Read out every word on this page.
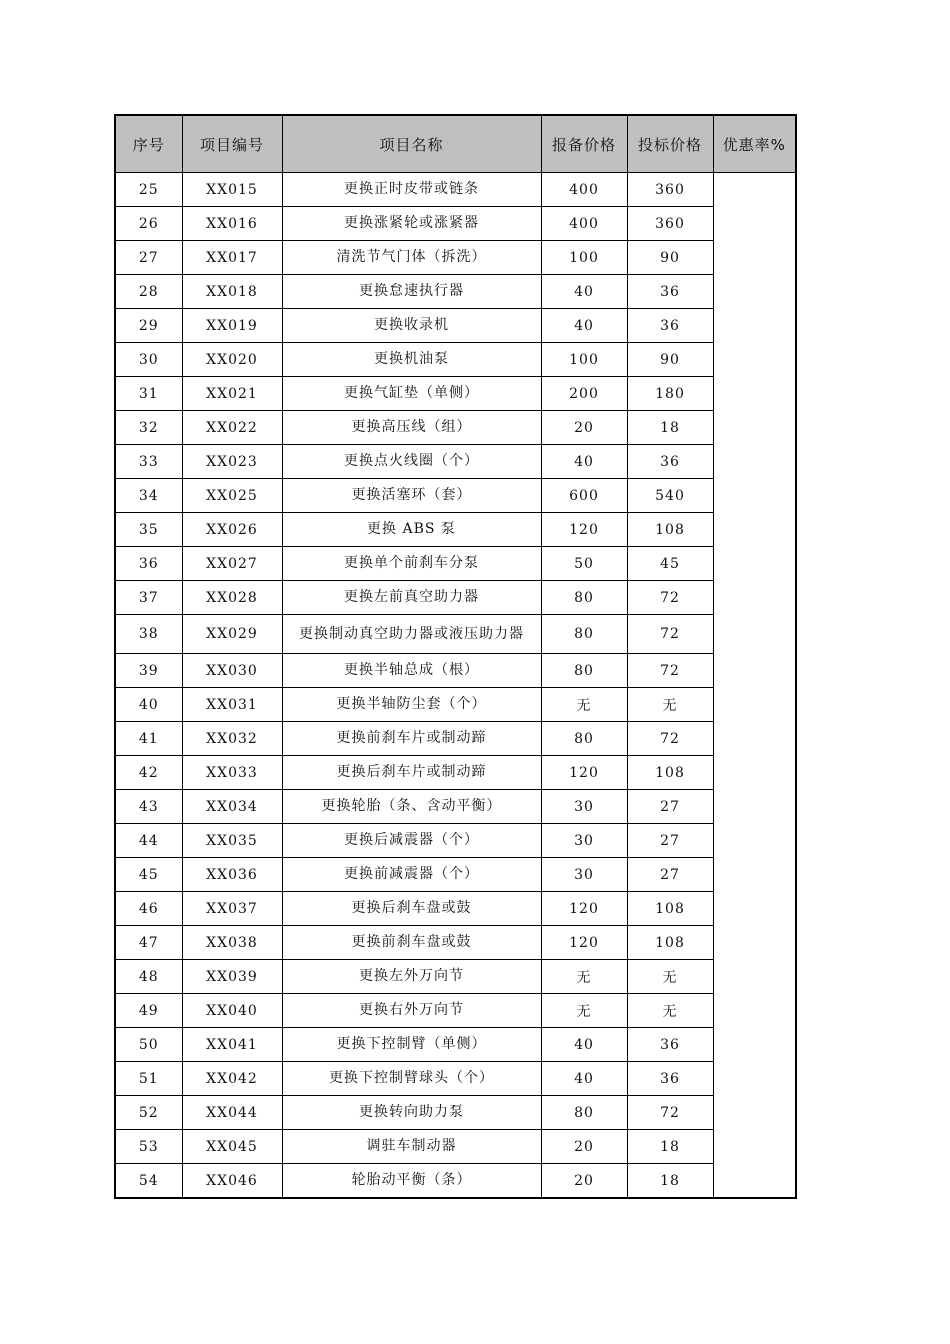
序号	项目编号	项目名称	报备价格	投标价格	优惠率%
25	XX015	更换正时皮带或链条	400	360	
26	XX016	更换涨紧轮或涨紧器	400	360	
27	XX017	清洗节气门体（拆洗）	100	90	
28	XX018	更换怠速执行器	40	36	
29	XX019	更换收录机	40	36	
30	XX020	更换机油泵	100	90	
31	XX021	更换气缸垫（单侧）	200	180	
32	XX022	更换高压线（组）	20	18	
33	XX023	更换点火线圈（个）	40	36	
34	XX025	更换活塞环（套）	600	540	
35	XX026	更换 ABS 泵	120	108	
36	XX027	更换单个前刹车分泵	50	45	
37	XX028	更换左前真空助力器	80	72	
38	XX029	更换制动真空助力器或液压助力器	80	72	
39	XX030	更换半轴总成（根）	80	72	
40	XX031	更换半轴防尘套（个）	无	无	
41	XX032	更换前刹车片或制动蹄	80	72	
42	XX033	更换后刹车片或制动蹄	120	108	
43	XX034	更换轮胎（条、含动平衡）	30	27	
44	XX035	更换后减震器（个）	30	27	
45	XX036	更换前减震器（个）	30	27	
46	XX037	更换后刹车盘或鼓	120	108	
47	XX038	更换前刹车盘或鼓	120	108	
48	XX039	更换左外万向节	无	无	
49	XX040	更换右外万向节	无	无	
50	XX041	更换下控制臂（单侧）	40	36	
51	XX042	更换下控制臂球头（个）	40	36	
52	XX044	更换转向助力泵	80	72	
53	XX045	调驻车制动器	20	18	
54	XX046	轮胎动平衡（条）	20	18	
